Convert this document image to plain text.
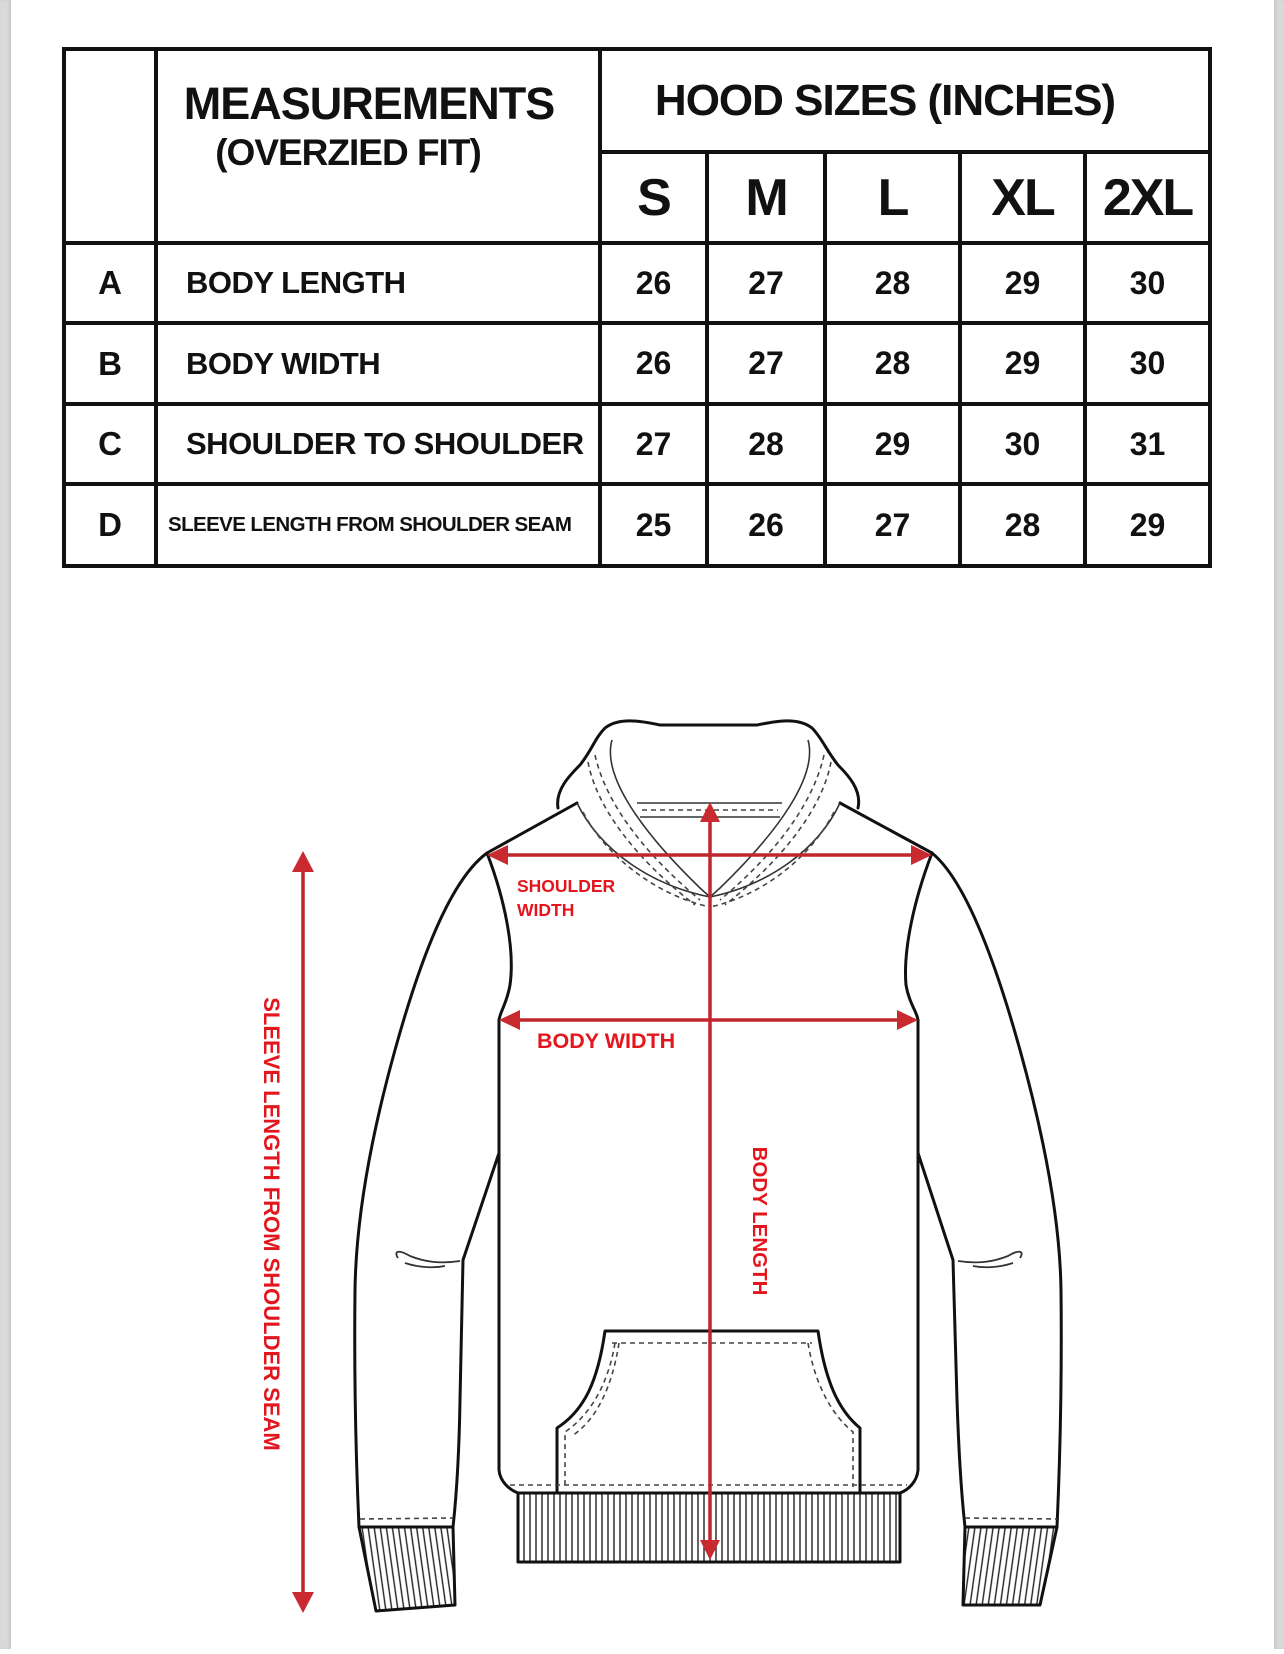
MEASUREMENTS
(OVERZIED FIT)
HOOD SIZES (INCHES)
S	M	L	XL 2XL
A	BODY LENGTH	26	27	28	29	30
B	BODY WIDTH	26	27	28	29	30
C	SHOULDER TO SHOULDER	27	28	29	30	31
D	SLEEVE LENGTH FROM SHOULDER SEAM	25	26	27	28	29
SHOULDER
WIDTH
BODY WIDTH
BODY LENGTH
SLEEVE LENGTH FROM SHOULDER SEAM
